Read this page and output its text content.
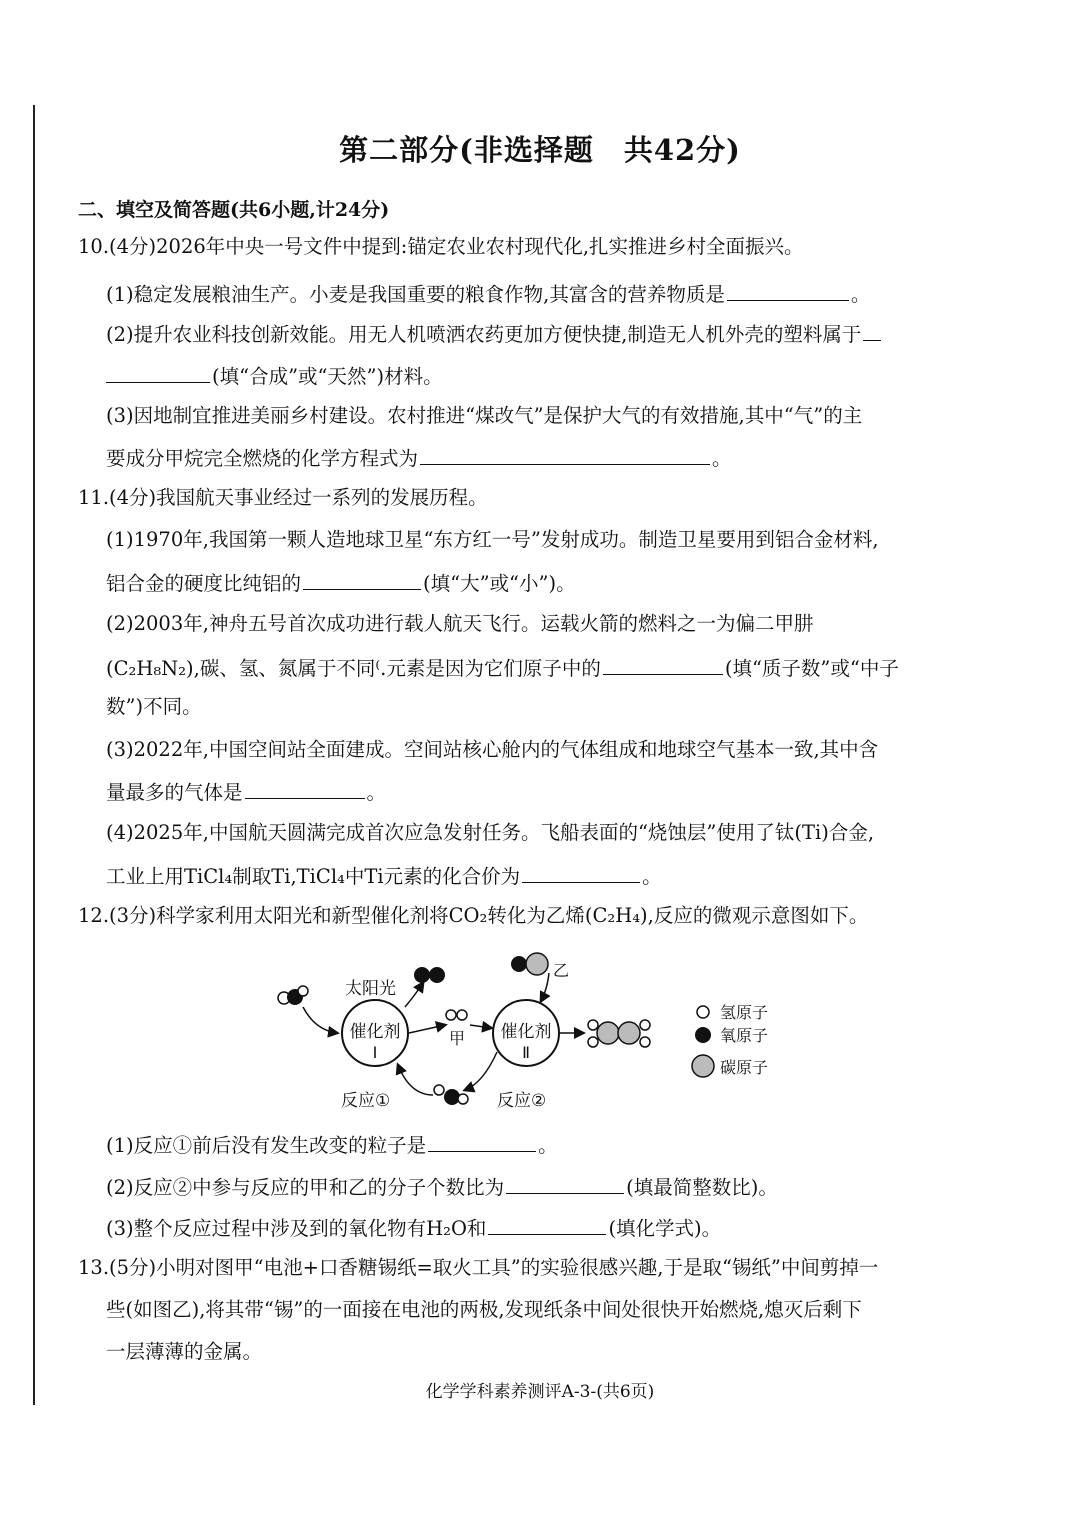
第二部分(非选择题　共42分)
二、填空及简答题(共6小题,计24分)
10.(4分)2026年中央一号文件中提到:锚定农业农村现代化,扎实推进乡村全面振兴。
(1)稳定发展粮油生产。小麦是我国重要的粮食作物,其富含的营养物质是	。
(2)提升农业科技创新效能。用无人机喷洒农药更加方便快捷,制造无人机外壳的塑料属于
(填“合成”或“天然”)材料。
(3)因地制宜推进美丽乡村建设。农村推进“煤改气”是保护大气的有效措施,其中“气”的主
要成分甲烷完全燃烧的化学方程式为	。
11.(4分)我国航天事业经过一系列的发展历程。
(1)1970年,我国第一颗人造地球卫星“东方红一号”发射成功。制造卫星要用到铝合金材料,
铝合金的硬度比纯铝的	(填“大”或“小”)。
(2)2003年,神舟五号首次成功进行载人航天飞行。运载火箭的燃料之一为偏二甲肼
(C₂H₈N₂),碳、氢、氮属于不同⁽.元素是因为它们原子中的	(填“质子数”或“中子
数”)不同。
(3)2022年,中国空间站全面建成。空间站核心舱内的气体组成和地球空气基本一致,其中含
量最多的气体是	。
(4)2025年,中国航天圆满完成首次应急发射任务。飞船表面的“烧蚀层”使用了钛(Ti)合金,
工业上用TiCl₄制取Ti,TiCl₄中Ti元素的化合价为	。
12.(3分)科学家利用太阳光和新型催化剂将CO₂转化为乙烯(C₂H₄),反应的微观示意图如下。
催化剂
Ⅰ
太阳光
甲 催化剂
Ⅱ
乙
反应①	反应②
氢原子
氧原子
碳原子
(1)反应①前后没有发生改变的粒子是	。
(2)反应②中参与反应的甲和乙的分子个数比为	(填最简整数比)。
(3)整个反应过程中涉及到的氧化物有H₂O和	(填化学式)。
13.(5分)小明对图甲“电池+口香糖锡纸=取火工具”的实验很感兴趣,于是取“锡纸”中间剪掉一
些(如图乙),将其带“锡”的一面接在电池的两极,发现纸条中间处很快开始燃烧,熄灭后剩下
一层薄薄的金属。
化学学科素养测评A-3-(共6页)
